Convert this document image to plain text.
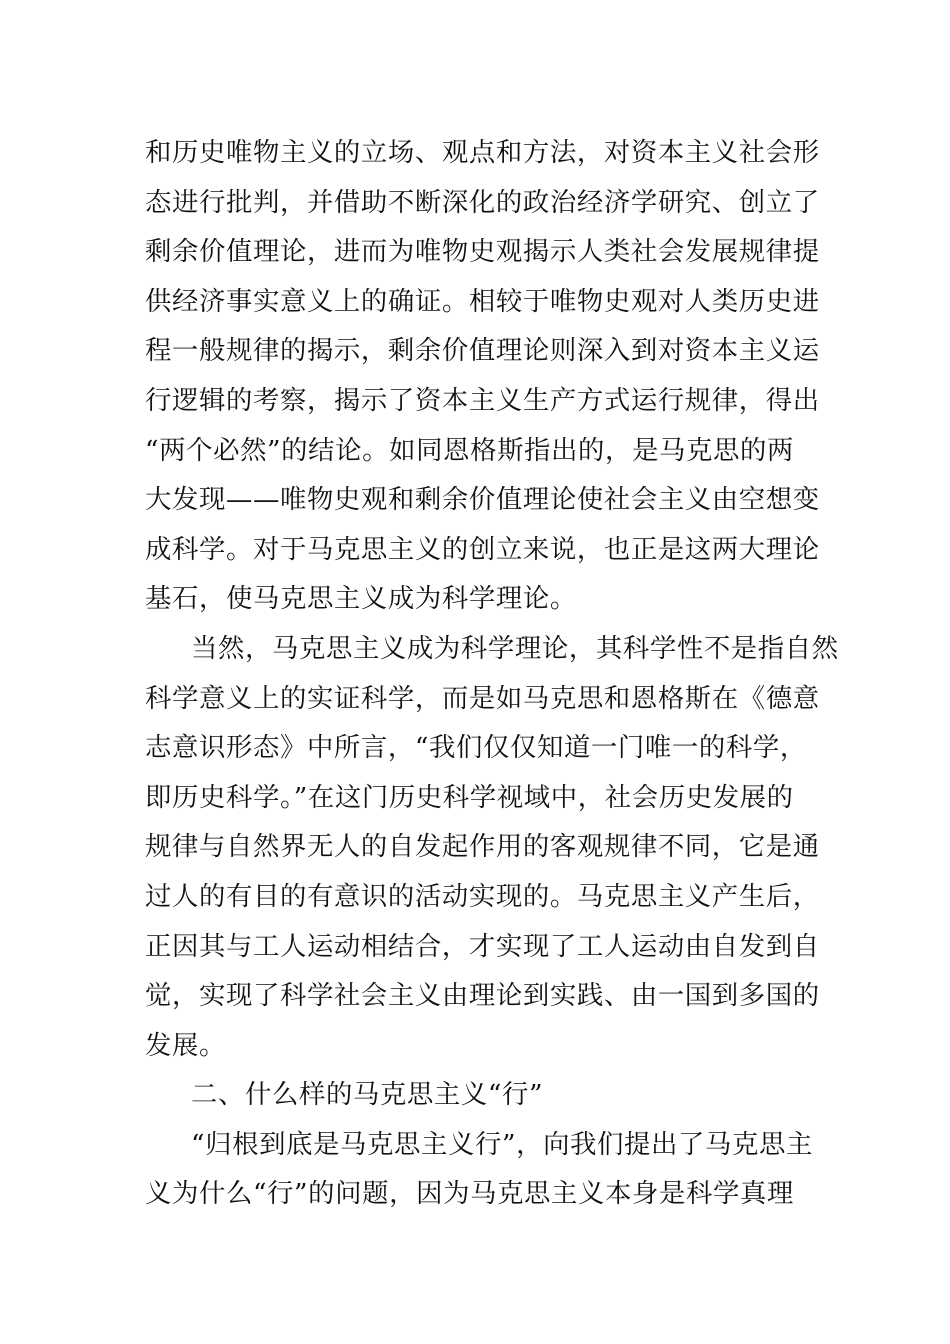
和历史唯物主义的立场、观点和方法，对资本主义社会形
态进行批判，并借助不断深化的政治经济学研究、创立了
剩余价值理论，进而为唯物史观揭示人类社会发展规律提
供经济事实意义上的确证。相较于唯物史观对人类历史进
程一般规律的揭示，剩余价值理论则深入到对资本主义运
行逻辑的考察，揭示了资本主义生产方式运行规律，得出
“两个必然”的结论。如同恩格斯指出的，是马克思的两
大发现——唯物史观和剩余价值理论使社会主义由空想变
成科学。对于马克思主义的创立来说，也正是这两大理论
基石，使马克思主义成为科学理论。
当然，马克思主义成为科学理论，其科学性不是指自然
科学意义上的实证科学，而是如马克思和恩格斯在《德意
志意识形态》中所言，“我们仅仅知道一门唯一的科学，
即历史科学。”在这门历史科学视域中，社会历史发展的
规律与自然界无人的自发起作用的客观规律不同，它是通
过人的有目的有意识的活动实现的。马克思主义产生后，
正因其与工人运动相结合，才实现了工人运动由自发到自
觉，实现了科学社会主义由理论到实践、由一国到多国的
发展。
二、什么样的马克思主义“行”
“归根到底是马克思主义行”，向我们提出了马克思主
义为什么“行”的问题，因为马克思主义本身是科学真理
